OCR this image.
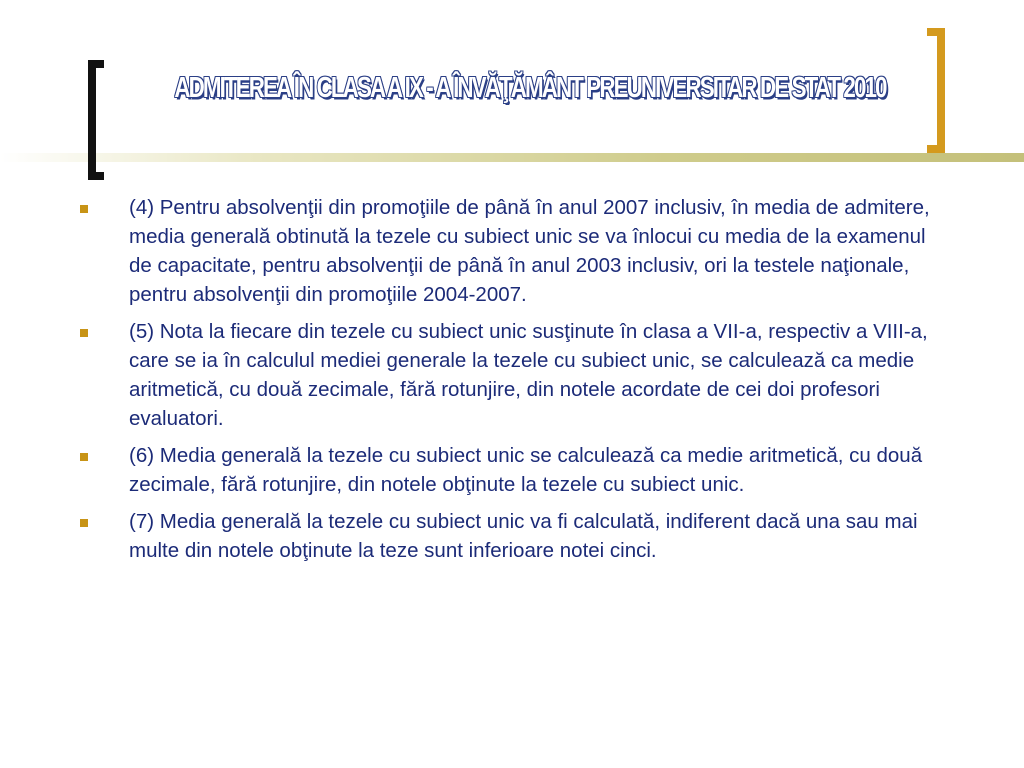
ADMITEREA ÎN CLASA A IX - A ÎNVĂŢĂMÂNT PREUNIVERSITAR DE STAT 2010
(4) Pentru absolvenţii din promoţiile de până în anul 2007 inclusiv, în media de admitere, media generală obtinută la tezele cu subiect unic se va înlocui cu media de la examenul de capacitate, pentru absolvenţii de până în anul 2003 inclusiv, ori la testele naţionale, pentru absolvenţii din promoţiile 2004-2007.
(5) Nota la fiecare din tezele cu subiect unic susţinute în clasa a VII-a, respectiv a VIII-a, care se ia în calculul mediei generale la tezele cu subiect unic, se calculează ca medie aritmetică, cu două zecimale, fără rotunjire, din notele acordate de cei doi profesori evaluatori.
(6) Media generală la tezele cu subiect unic se calculează ca medie aritmetică, cu două zecimale, fără rotunjire, din notele obţinute la tezele cu subiect unic.
(7) Media generală la tezele cu subiect unic va fi calculată, indiferent dacă una sau mai multe din notele obţinute la teze sunt inferioare notei cinci.
